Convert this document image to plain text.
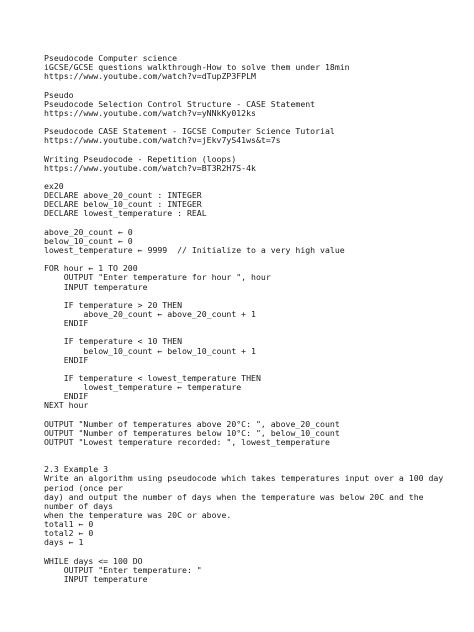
Pseudocode Computer science
iGCSE/GCSE questions walkthrough-How to solve them under 18min
https://www.youtube.com/watch?v=dTupZP3FPLM
Pseudo
Pseudocode Selection Control Structure - CASE Statement
https://www.youtube.com/watch?v=yNNkKy012ks
Pseudocode CASE Statement - IGCSE Computer Science Tutorial
https://www.youtube.com/watch?v=jEkv7yS41ws&t=7s
Writing Pseudocode - Repetition (loops)
https://www.youtube.com/watch?v=BT3R2H7S-4k
ex20
DECLARE above_20_count : INTEGER
DECLARE below_10_count : INTEGER
DECLARE lowest_temperature : REAL
above_20_count ← 0
below_10_count ← 0
lowest_temperature ← 9999  // Initialize to a very high value
FOR hour ← 1 TO 200
OUTPUT "Enter temperature for hour ", hour
INPUT temperature
IF temperature > 20 THEN
above_20_count ← above_20_count + 1
ENDIF
IF temperature < 10 THEN
below_10_count ← below_10_count + 1
ENDIF
IF temperature < lowest_temperature THEN
lowest_temperature ← temperature
ENDIF
NEXT hour
OUTPUT "Number of temperatures above 20°C: ", above_20_count
OUTPUT "Number of temperatures below 10°C: ", below_10_count
OUTPUT "Lowest temperature recorded: ", lowest_temperature
2.3 Example 3
Write an algorithm using pseudocode which takes temperatures input over a 100 day
period (once per
day) and output the number of days when the temperature was below 20C and the
number of days
when the temperature was 20C or above.
total1 ← 0
total2 ← 0
days ← 1
WHILE days <= 100 DO
OUTPUT "Enter temperature: "
INPUT temperature
